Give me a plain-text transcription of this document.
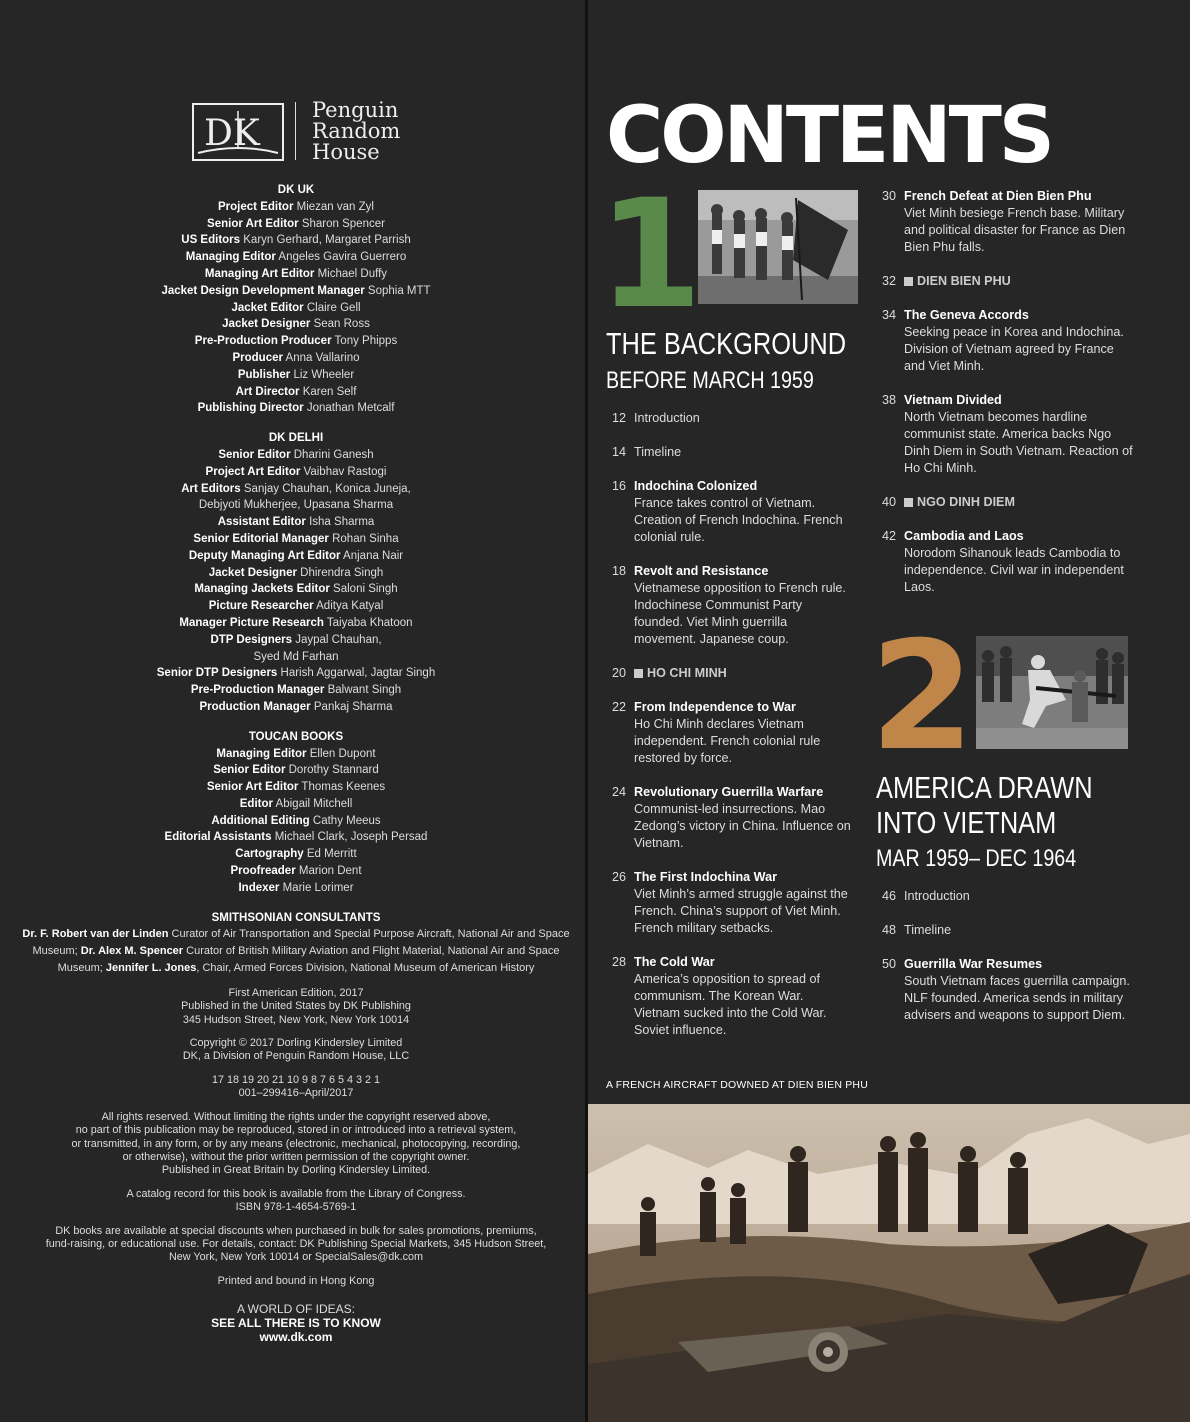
DK
Penguin
Random
House
DK UK

Project Editor Miezan van Zyl

Senior Art Editor Sharon Spencer

US Editors Karyn Gerhard, Margaret Parrish

Managing Editor Angeles Gavira Guerrero

Managing Art Editor Michael Duffy

Jacket Design Development Manager Sophia MTT

Jacket Editor Claire Gell

Jacket Designer Sean Ross

Pre-Production Producer Tony Phipps

Producer Anna Vallarino

Publisher Liz Wheeler

Art Director Karen Self

Publishing Director Jonathan Metcalf

DK DELHI

Senior Editor Dharini Ganesh

Project Art Editor Vaibhav Rastogi

Art Editors Sanjay Chauhan, Konica Juneja,

Debjyoti Mukherjee, Upasana Sharma

Assistant Editor Isha Sharma

Senior Editorial Manager Rohan Sinha

Deputy Managing Art Editor Anjana Nair

Jacket Designer Dhirendra Singh

Managing Jackets Editor Saloni Singh

Picture Researcher Aditya Katyal

Manager Picture Research Taiyaba Khatoon

DTP Designers Jaypal Chauhan,

Syed Md Farhan

Senior DTP Designers Harish Aggarwal, Jagtar Singh

Pre-Production Manager Balwant Singh

Production Manager Pankaj Sharma

TOUCAN BOOKS

Managing Editor Ellen Dupont

Senior Editor Dorothy Stannard

Senior Art Editor Thomas Keenes

Editor Abigail Mitchell

Additional Editing Cathy Meeus

Editorial Assistants Michael Clark, Joseph Persad

Cartography Ed Merritt

Proofreader Marion Dent

Indexer Marie Lorimer

SMITHSONIAN CONSULTANTS

Dr. F. Robert van der Linden Curator of Air Transportation and Special Purpose Aircraft, National Air and Space

Museum; Dr. Alex M. Spencer Curator of British Military Aviation and Flight Material, National Air and Space

Museum; Jennifer L. Jones, Chair, Armed Forces Division, National Museum of American History

First American Edition, 2017

Published in the United States by DK Publishing

345 Hudson Street, New York, New York 10014

Copyright © 2017 Dorling Kindersley Limited

DK, a Division of Penguin Random House, LLC

17 18 19 20 21 10 9 8 7 6 5 4 3 2 1

001–299416–April/2017

All rights reserved. Without limiting the rights under the copyright reserved above,

no part of this publication may be reproduced, stored in or introduced into a retrieval system,

or transmitted, in any form, or by any means (electronic, mechanical, photocopying, recording,

or otherwise), without the prior written permission of the copyright owner.

Published in Great Britain by Dorling Kindersley Limited.

A catalog record for this book is available from the Library of Congress.

ISBN 978-1-4654-5769-1

DK books are available at special discounts when purchased in bulk for sales promotions, premiums,

fund-raising, or educational use. For details, contact: DK Publishing Special Markets, 345 Hudson Street,

New York, New York 10014 or SpecialSales@dk.com

Printed and bound in Hong Kong

A WORLD OF IDEAS:
SEE ALL THERE IS TO KNOW
www.dk.com
CONTENTS
1
THE BACKGROUND
BEFORE MARCH 1959
12 Introduction
14 Timeline
16 Indochina Colonized
France takes control of Vietnam. Creation of French Indochina. French colonial rule.
18 Revolt and Resistance
Vietnamese opposition to French rule. Indochinese Communist Party founded. Viet Minh guerrilla movement. Japanese coup.
20	HO CHI MINH
22 From Independence to War
Ho Chi Minh declares Vietnam independent. French colonial rule restored by force.
24 Revolutionary Guerrilla Warfare
Communist-led insurrections. Mao Zedong’s victory in China. Influence on Vietnam.
26 The First Indochina War
Viet Minh’s armed struggle against the French. China’s support of Viet Minh. French military setbacks.
28 The Cold War
America’s opposition to spread of communism. The Korean War. Vietnam sucked into the Cold War. Soviet influence.
30 French Defeat at Dien Bien Phu
Viet Minh besiege French base. Military and political disaster for France as Dien Bien Phu falls.
32	DIEN BIEN PHU
34 The Geneva Accords
Seeking peace in Korea and Indochina. Division of Vietnam agreed by France and Viet Minh.
38 Vietnam Divided
North Vietnam becomes hardline communist state. America backs Ngo Dinh Diem in South Vietnam. Reaction of Ho Chi Minh.
40	NGO DINH DIEM
42 Cambodia and Laos
Norodom Sihanouk leads Cambodia to independence. Civil war in independent Laos.
2
AMERICA DRAWN
INTO VIETNAM
MAR 1959– DEC 1964
46 Introduction
48 Timeline
50 Guerrilla War Resumes
South Vietnam faces guerrilla campaign. NLF founded. America sends in military advisers and weapons to support Diem.
A FRENCH AIRCRAFT DOWNED AT DIEN BIEN PHU
